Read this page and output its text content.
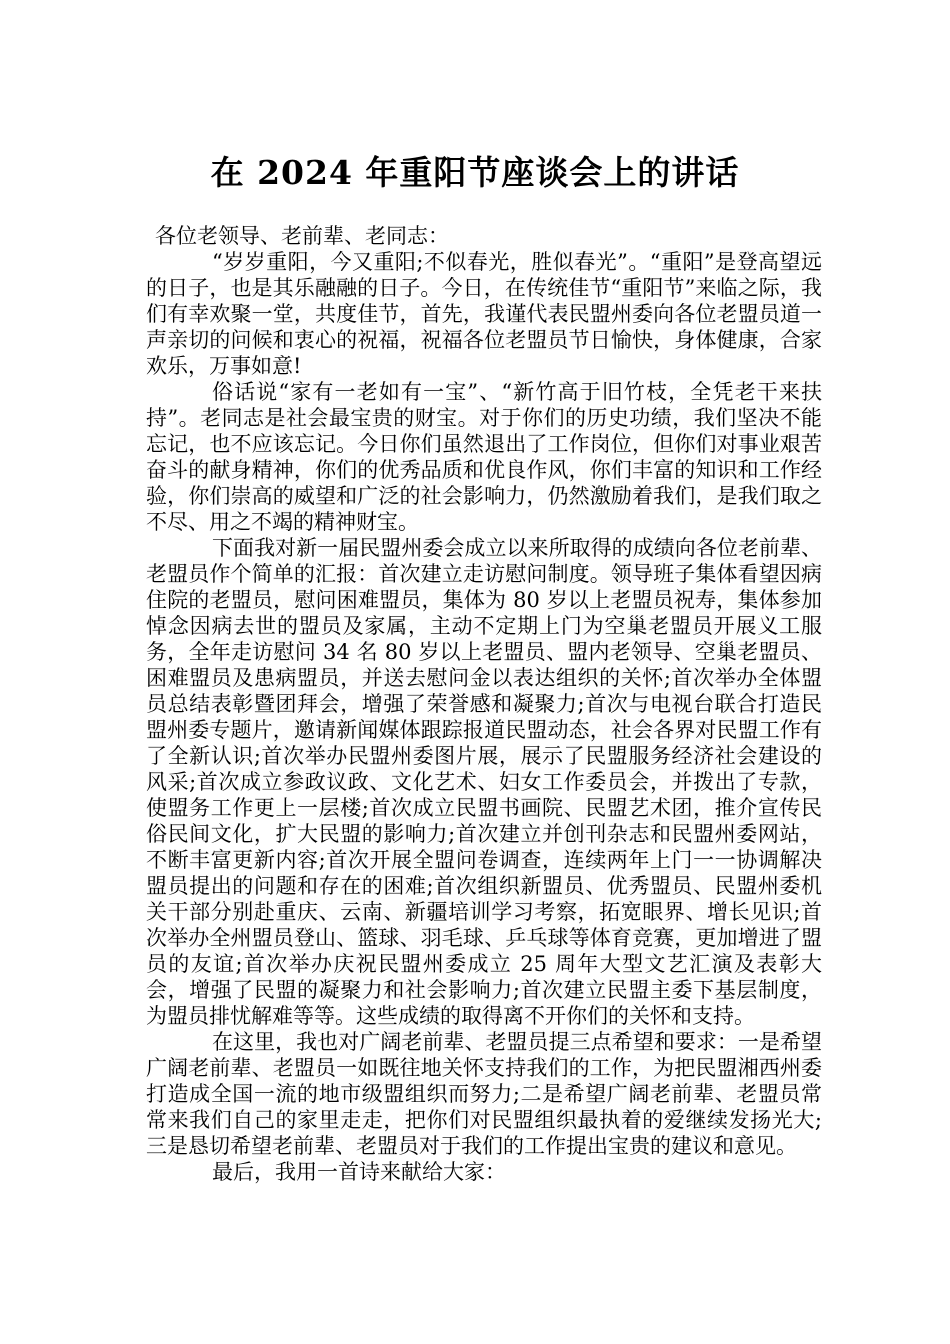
在 2024 年重阳节座谈会上的讲话

各位老领导、老前辈、老同志：

“岁岁重阳，今又重阳;不似春光，胜似春光”。“重阳”是登高望远的日子，也是其乐融融的日子。今日，在传统佳节“重阳节”来临之际，我们有幸欢聚一堂，共度佳节，首先，我谨代表民盟州委向各位老盟员道一声亲切的问候和衷心的祝福，祝福各位老盟员节日愉快，身体健康，合家欢乐，万事如意!

俗话说“家有一老如有一宝”、“新竹高于旧竹枝，全凭老干来扶持”。老同志是社会最宝贵的财宝。对于你们的历史功绩，我们坚决不能忘记，也不应该忘记。今日你们虽然退出了工作岗位，但你们对事业艰苦奋斗的献身精神，你们的优秀品质和优良作风，你们丰富的知识和工作经验，你们崇高的威望和广泛的社会影响力，仍然激励着我们，是我们取之不尽、用之不竭的精神财宝。

下面我对新一届民盟州委会成立以来所取得的成绩向各位老前辈、老盟员作个简单的汇报：首次建立走访慰问制度。领导班子集体看望因病住院的老盟员，慰问困难盟员，集体为 80 岁以上老盟员祝寿，集体参加悼念因病去世的盟员及家属，主动不定期上门为空巢老盟员开展义工服务，全年走访慰问 34 名 80 岁以上老盟员、盟内老领导、空巢老盟员、困难盟员及患病盟员，并送去慰问金以表达组织的关怀;首次举办全体盟员总结表彰暨团拜会，增强了荣誉感和凝聚力;首次与电视台联合打造民盟州委专题片，邀请新闻媒体跟踪报道民盟动态，社会各界对民盟工作有了全新认识;首次举办民盟州委图片展，展示了民盟服务经济社会建设的风采;首次成立参政议政、文化艺术、妇女工作委员会，并拨出了专款，使盟务工作更上一层楼;首次成立民盟书画院、民盟艺术团，推介宣传民俗民间文化，扩大民盟的影响力;首次建立并创刊杂志和民盟州委网站，不断丰富更新内容;首次开展全盟问卷调查，连续两年上门一一协调解决盟员提出的问题和存在的困难;首次组织新盟员、优秀盟员、民盟州委机关干部分别赴重庆、云南、新疆培训学习考察，拓宽眼界、增长见识;首次举办全州盟员登山、篮球、羽毛球、乒乓球等体育竞赛，更加增进了盟员的友谊;首次举办庆祝民盟州委成立 25 周年大型文艺汇演及表彰大会，增强了民盟的凝聚力和社会影响力;首次建立民盟主委下基层制度，为盟员排忧解难等等。这些成绩的取得离不开你们的关怀和支持。

在这里，我也对广阔老前辈、老盟员提三点希望和要求：一是希望广阔老前辈、老盟员一如既往地关怀支持我们的工作，为把民盟湘西州委打造成全国一流的地市级盟组织而努力;二是希望广阔老前辈、老盟员常常来我们自己的家里走走，把你们对民盟组织最执着的爱继续发扬光大;三是恳切希望老前辈、老盟员对于我们的工作提出宝贵的建议和意见。

最后，我用一首诗来献给大家：
